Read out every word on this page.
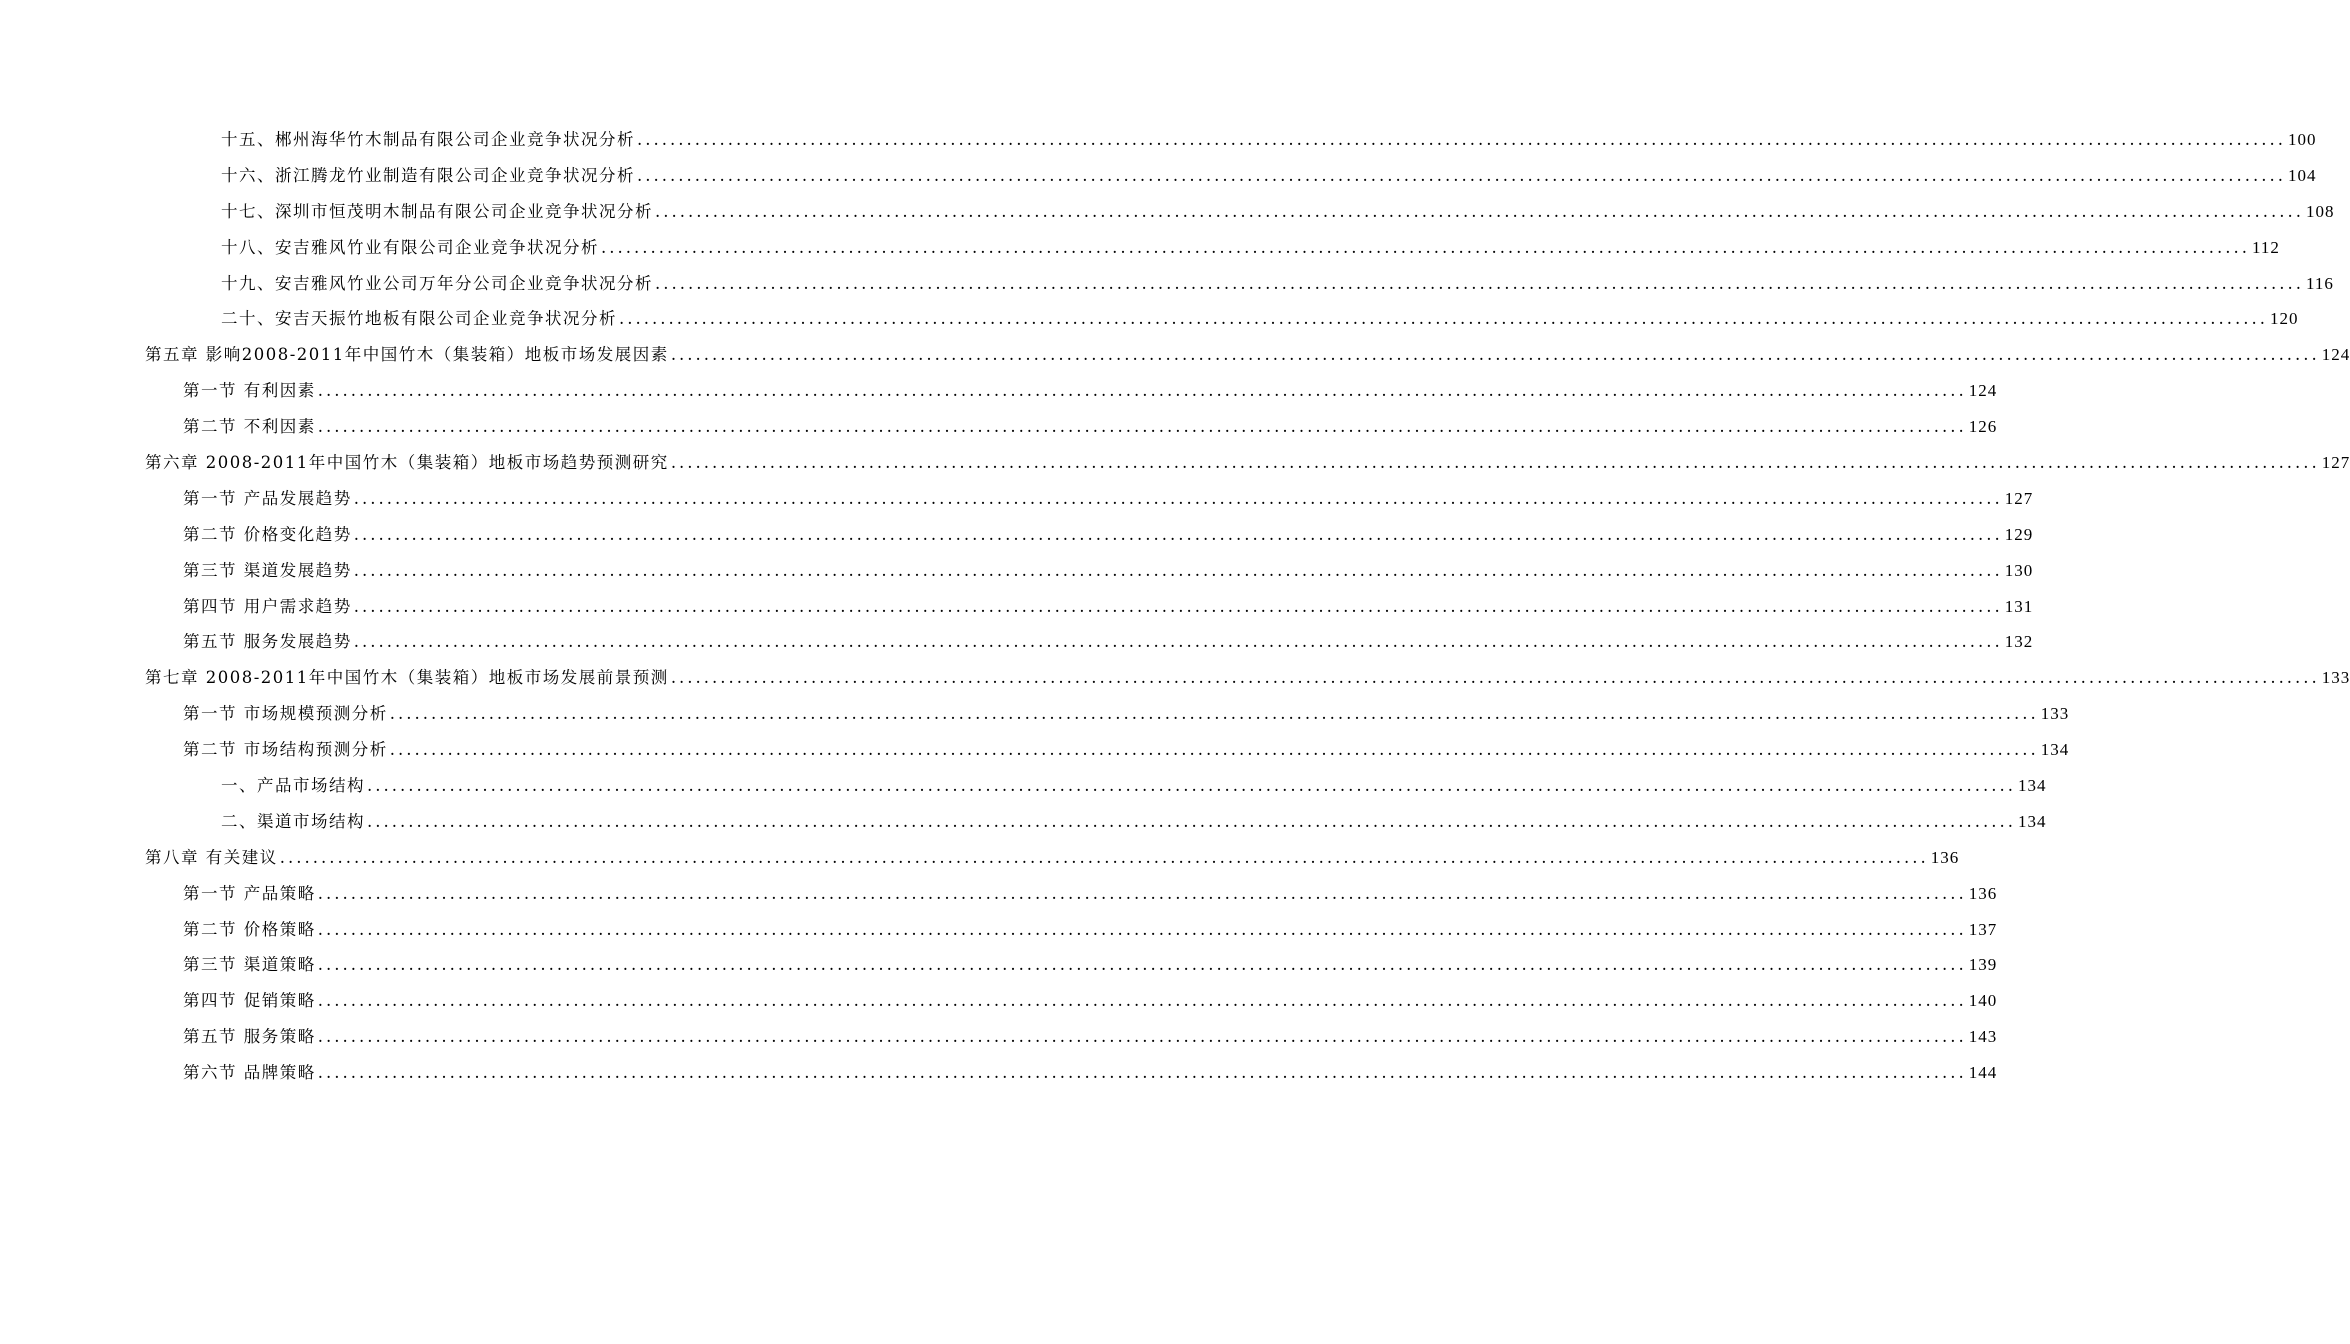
十五、郴州海华竹木制品有限公司企业竞争状况分析 ........................................................................................................................................................................................................ 100
十六、浙江腾龙竹业制造有限公司企业竞争状况分析 ........................................................................................................................................................................................................ 104
十七、深圳市恒茂明木制品有限公司企业竞争状况分析 ........................................................................................................................................................................................................ 108
十八、安吉雅风竹业有限公司企业竞争状况分析 ........................................................................................................................................................................................................ 112
十九、安吉雅风竹业公司万年分公司企业竞争状况分析 ........................................................................................................................................................................................................ 116
二十、安吉天振竹地板有限公司企业竞争状况分析 ........................................................................................................................................................................................................ 120
第五章 影响2008-2011年中国竹木（集装箱）地板市场发展因素 ........................................................................................................................................................................................................ 124
第一节 有利因素 ........................................................................................................................................................................................................ 124
第二节 不利因素 ........................................................................................................................................................................................................ 126
第六章 2008-2011年中国竹木（集装箱）地板市场趋势预测研究 ........................................................................................................................................................................................................ 127
第一节 产品发展趋势 ........................................................................................................................................................................................................ 127
第二节 价格变化趋势 ........................................................................................................................................................................................................ 129
第三节 渠道发展趋势 ........................................................................................................................................................................................................ 130
第四节 用户需求趋势 ........................................................................................................................................................................................................ 131
第五节 服务发展趋势 ........................................................................................................................................................................................................ 132
第七章 2008-2011年中国竹木（集装箱）地板市场发展前景预测 ........................................................................................................................................................................................................ 133
第一节 市场规模预测分析 ........................................................................................................................................................................................................ 133
第二节 市场结构预测分析 ........................................................................................................................................................................................................ 134
一、产品市场结构 ........................................................................................................................................................................................................ 134
二、渠道市场结构 ........................................................................................................................................................................................................ 134
第八章 有关建议 ........................................................................................................................................................................................................ 136
第一节 产品策略 ........................................................................................................................................................................................................ 136
第二节 价格策略 ........................................................................................................................................................................................................ 137
第三节 渠道策略 ........................................................................................................................................................................................................ 139
第四节 促销策略 ........................................................................................................................................................................................................ 140
第五节 服务策略 ........................................................................................................................................................................................................ 143
第六节 品牌策略 ........................................................................................................................................................................................................ 144
